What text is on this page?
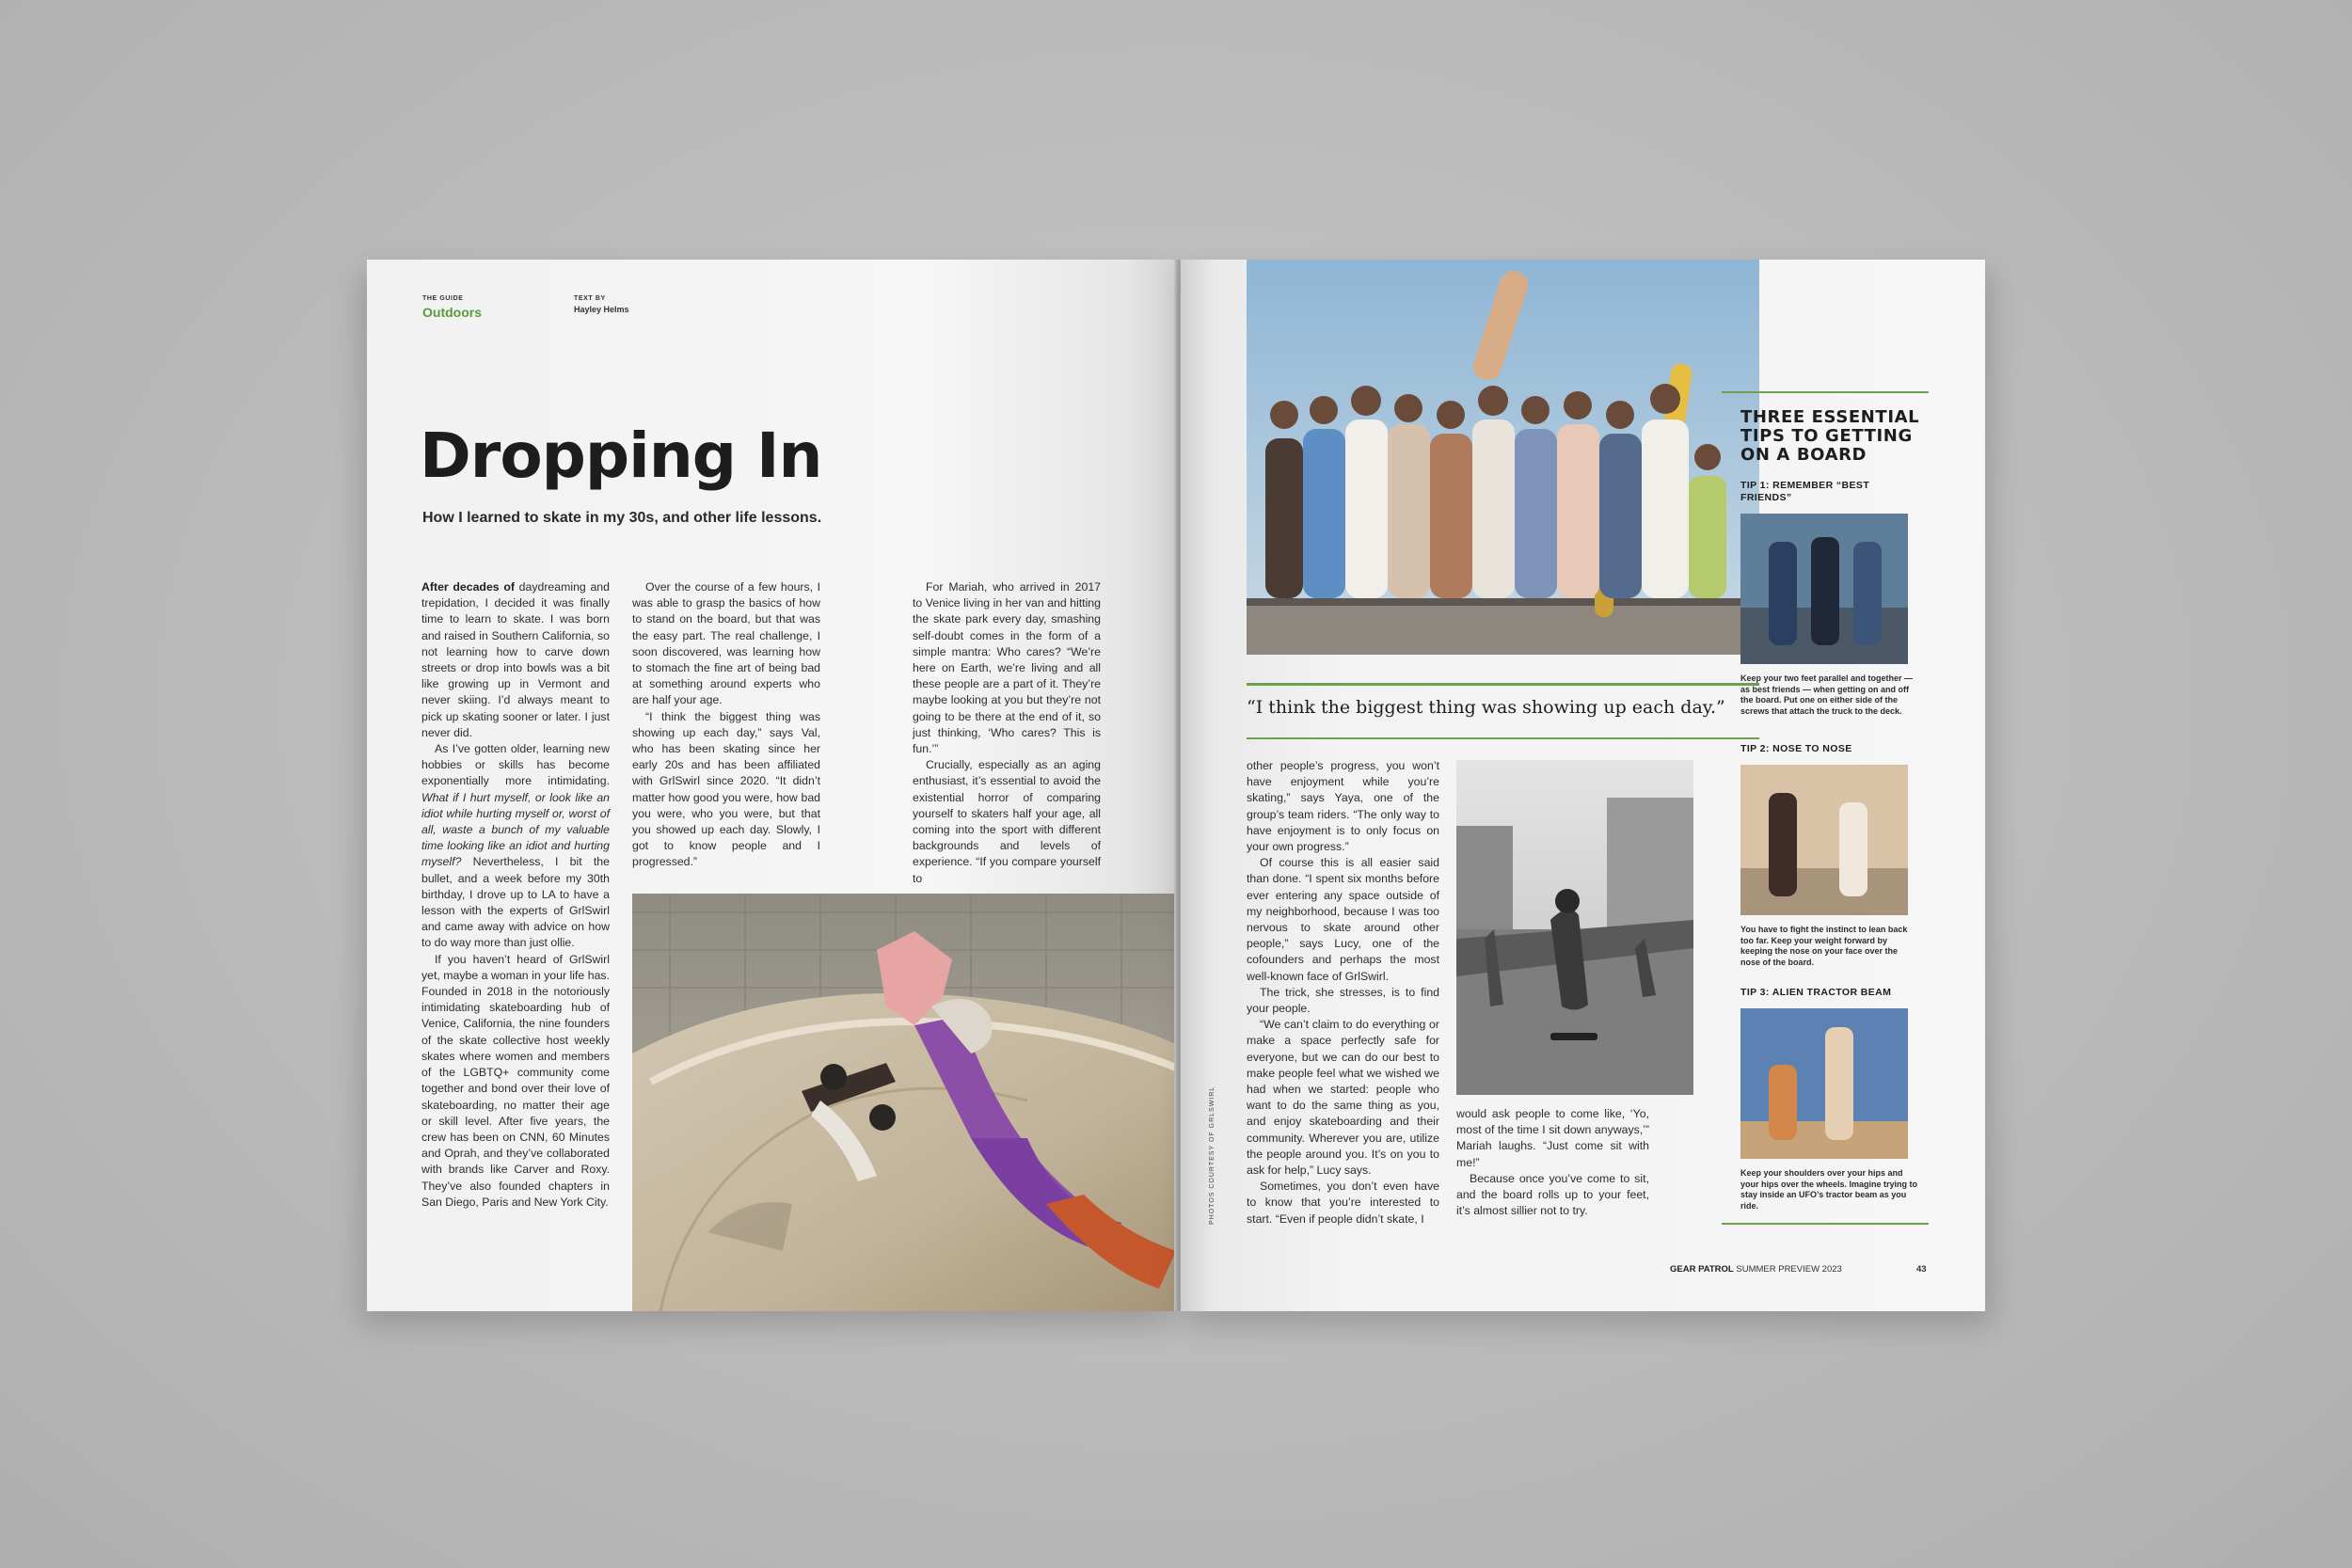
THE GUIDE
Outdoors
TEXT BY
Hayley Helms
Dropping In
How I learned to skate in my 30s, and other life lessons.

After decades of daydreaming and trepidation, I decided it was finally time to learn to skate. I was born and raised in Southern California, so not learning how to carve down streets or drop into bowls was a bit like growing up in Vermont and never skiing. I’d always meant to pick up skating sooner or later. I just never did.

As I’ve gotten older, learning new hobbies or skills has become exponentially more intimidating. What if I hurt myself, or look like an idiot while hurting myself or, worst of all, waste a bunch of my valuable time looking like an idiot and hurting myself? Nevertheless, I bit the bullet, and a week before my 30th birthday, I drove up to LA to have a lesson with the experts of GrlSwirl and came away with advice on how to do way more than just ollie.

If you haven’t heard of GrlSwirl yet, maybe a woman in your life has. Founded in 2018 in the notoriously intimidating skateboarding hub of Venice, California, the nine founders of the skate collective host weekly skates where women and members of the LGBTQ+ community come together and bond over their love of skateboarding, no matter their age or skill level. After five years, the crew has been on CNN, 60 Minutes and Oprah, and they’ve collaborated with brands like Carver and Roxy. They’ve also founded chapters in San Diego, Paris and New York City.

Over the course of a few hours, I was able to grasp the basics of how to stand on the board, but that was the easy part. The real challenge, I soon discovered, was learning how to stomach the fine art of being bad at something around experts who are half your age.

“I think the biggest thing was showing up each day,” says Val, who has been skating since her early 20s and has been affiliated with GrlSwirl since 2020. “It didn’t matter how good you were, how bad you were, who you were, but that you showed up each day. Slowly, I got to know people and I progressed.”

For Mariah, who arrived in 2017 to Venice living in her van and hitting the skate park every day, smashing self-doubt comes in the form of a simple mantra: Who cares? “We’re here on Earth, we’re living and all these people are a part of it. They’re maybe looking at you but they’re not going to be there at the end of it, so just thinking, ‘Who cares? This is fun.’”

Crucially, especially as an aging enthusiast, it’s essential to avoid the existential horror of comparing yourself to skaters half your age, all coming into the sport with different backgrounds and levels of experience. “If you compare yourself to

“I think the biggest thing was showing up each day.”

other people’s progress, you won’t have enjoyment while you’re skating,” says Yaya, one of the group’s team riders. “The only way to have enjoyment is to only focus on your own progress.”

Of course this is all easier said than done. “I spent six months before ever entering any space outside of my neighborhood, because I was too nervous to skate around other people,” says Lucy, one of the cofounders and perhaps the most well-known face of GrlSwirl.

The trick, she stresses, is to find your people.

“We can’t claim to do everything or make a space perfectly safe for everyone, but we can do our best to make people feel what we wished we had when we started: people who want to do the same thing as you, and enjoy skateboarding and their community. Wherever you are, utilize the people around you. It’s on you to ask for help,” Lucy says.

Sometimes, you don’t even have to know that you’re interested to start. “Even if people didn’t skate, I

would ask people to come like, ‘Yo, most of the time I sit down anyways,’” Mariah laughs. “Just come sit with me!”

Because once you’ve come to sit, and the board rolls up to your feet, it’s almost sillier not to try.

THREE ESSENTIAL TIPS TO GETTING ON A BOARD
TIP 1: REMEMBER “BEST FRIENDS”
Keep your two feet parallel and together — as best friends — when getting on and off the board. Put one on either side of the screws that attach the truck to the deck.
TIP 2: NOSE TO NOSE
You have to fight the instinct to lean back too far. Keep your weight forward by keeping the nose on your face over the nose of the board.
TIP 3: ALIEN TRACTOR BEAM
Keep your shoulders over your hips and your hips over the wheels. Imagine trying to stay inside an UFO’s tractor beam as you ride.
GEAR PATROL SUMMER PREVIEW 2023	43
PHOTOS COURTESY OF GRLSWIRL
